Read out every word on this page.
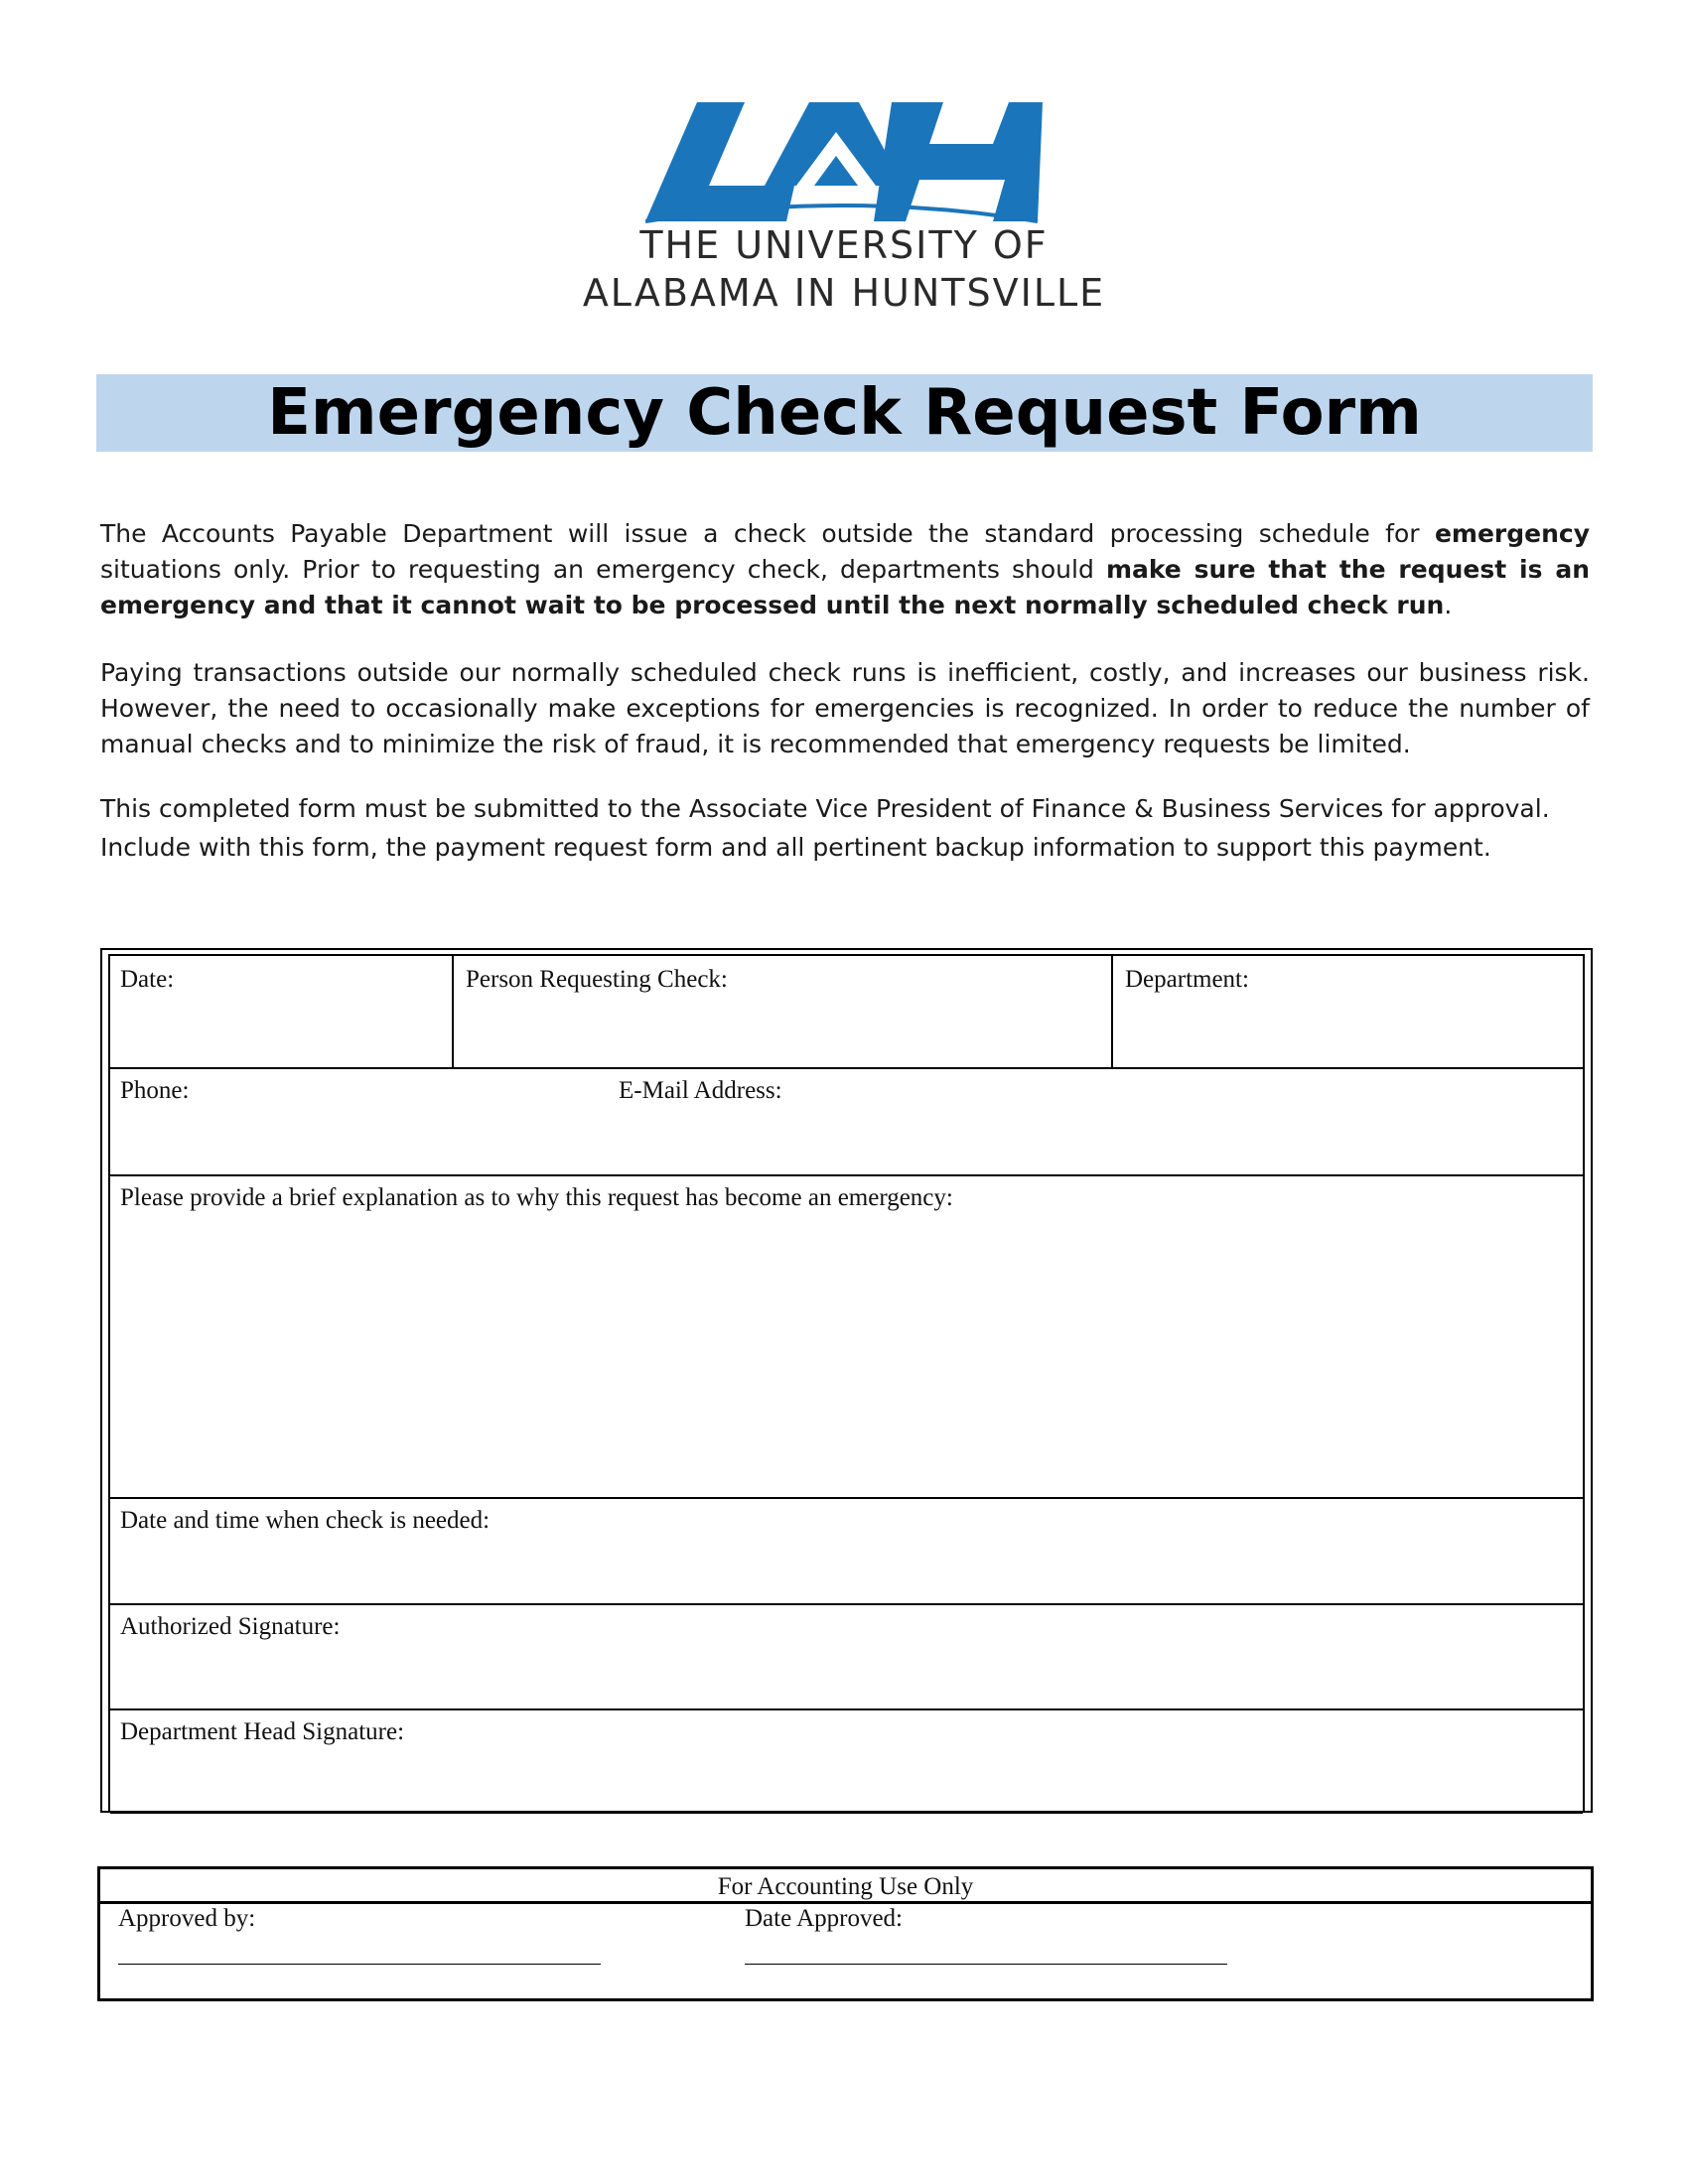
THE UNIVERSITY OF
ALABAMA IN HUNTSVILLE
Emergency Check Request Form
The Accounts Payable Department will issue a check outside the standard processing schedule for emergency situations only. Prior to requesting an emergency check, departments should make sure that the request is an emergency and that it cannot wait to be processed until the next normally scheduled check run.
Paying transactions outside our normally scheduled check runs is inefficient, costly, and increases our business risk. However, the need to occasionally make exceptions for emergencies is recognized. In order to reduce the number of manual checks and to minimize the risk of fraud, it is recommended that emergency requests be limited.
This completed form must be submitted to the Associate Vice President of Finance & Business Services for approval.
Include with this form, the payment request form and all pertinent backup information to support this payment.
Date:	Person Requesting Check:	Department:
Phone:	E-Mail Address:
Please provide a brief explanation as to why this request has become an emergency:
Date and time when check is needed:
Authorized Signature:
Department Head Signature:
For Accounting Use Only
Approved by:	Date Approved:
